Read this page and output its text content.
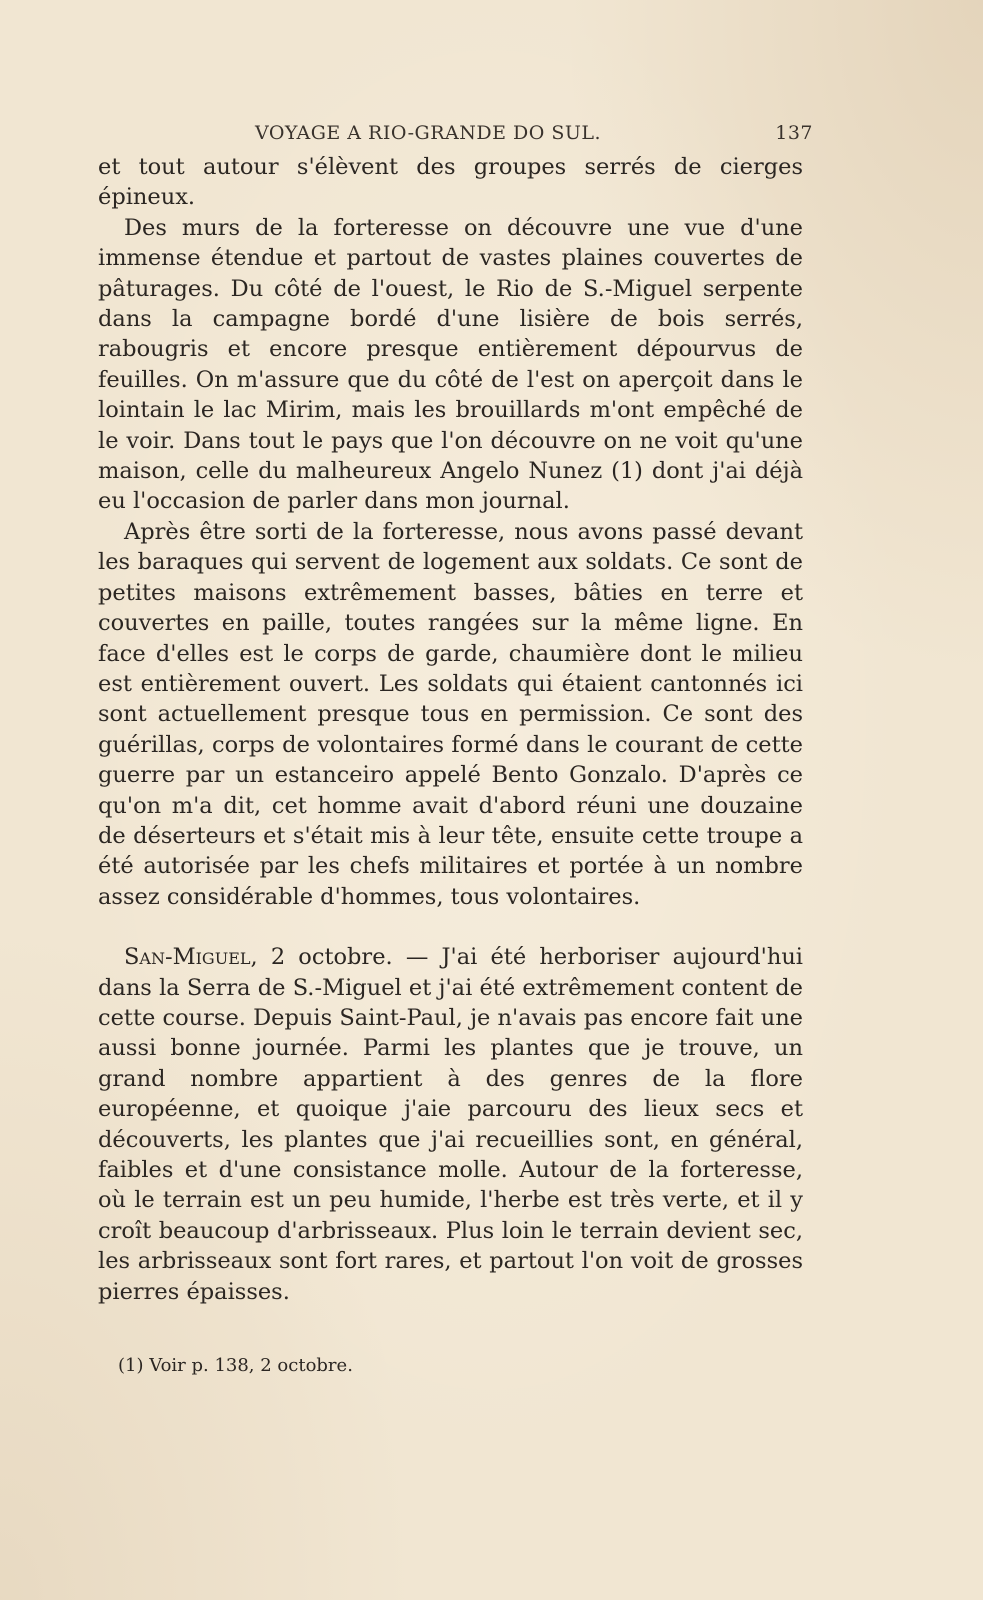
VOYAGE A RIO-GRANDE DO SUL.	137

et tout autour s'élèvent des groupes serrés de cierges épineux.

Des murs de la forteresse on découvre une vue d'une immense étendue et partout de vastes plaines couvertes de pâturages. Du côté de l'ouest, le Rio de S.-Miguel serpente dans la campagne bordé d'une lisière de bois serrés, rabougris et encore presque entièrement dépourvus de feuilles. On m'assure que du côté de l'est on aperçoit dans le lointain le lac Mirim, mais les brouillards m'ont empêché de le voir. Dans tout le pays que l'on découvre on ne voit qu'une maison, celle du malheureux Angelo Nunez (1) dont j'ai déjà eu l'occasion de parler dans mon journal.

Après être sorti de la forteresse, nous avons passé devant les baraques qui servent de logement aux soldats. Ce sont de petites maisons extrêmement basses, bâties en terre et couvertes en paille, toutes rangées sur la même ligne. En face d'elles est le corps de garde, chaumière dont le milieu est entièrement ouvert. Les soldats qui étaient cantonnés ici sont actuellement presque tous en permission. Ce sont des guérillas, corps de volontaires formé dans le courant de cette guerre par un estanceiro appelé Bento Gonzalo. D'après ce qu'on m'a dit, cet homme avait d'abord réuni une douzaine de déserteurs et s'était mis à leur tête, ensuite cette troupe a été autorisée par les chefs militaires et portée à un nombre assez considérable d'hommes, tous volontaires.

San-Miguel, 2 octobre. — J'ai été herboriser aujourd'hui dans la Serra de S.-Miguel et j'ai été extrêmement content de cette course. Depuis Saint-Paul, je n'avais pas encore fait une aussi bonne journée. Parmi les plantes que je trouve, un grand nombre appartient à des genres de la flore européenne, et quoique j'aie parcouru des lieux secs et découverts, les plantes que j'ai recueillies sont, en général, faibles et d'une consistance molle. Autour de la forteresse, où le terrain est un peu humide, l'herbe est très verte, et il y croît beaucoup d'arbrisseaux. Plus loin le terrain devient sec, les arbrisseaux sont fort rares, et partout l'on voit de grosses pierres épaisses.

(1) Voir p. 138, 2 octobre.
